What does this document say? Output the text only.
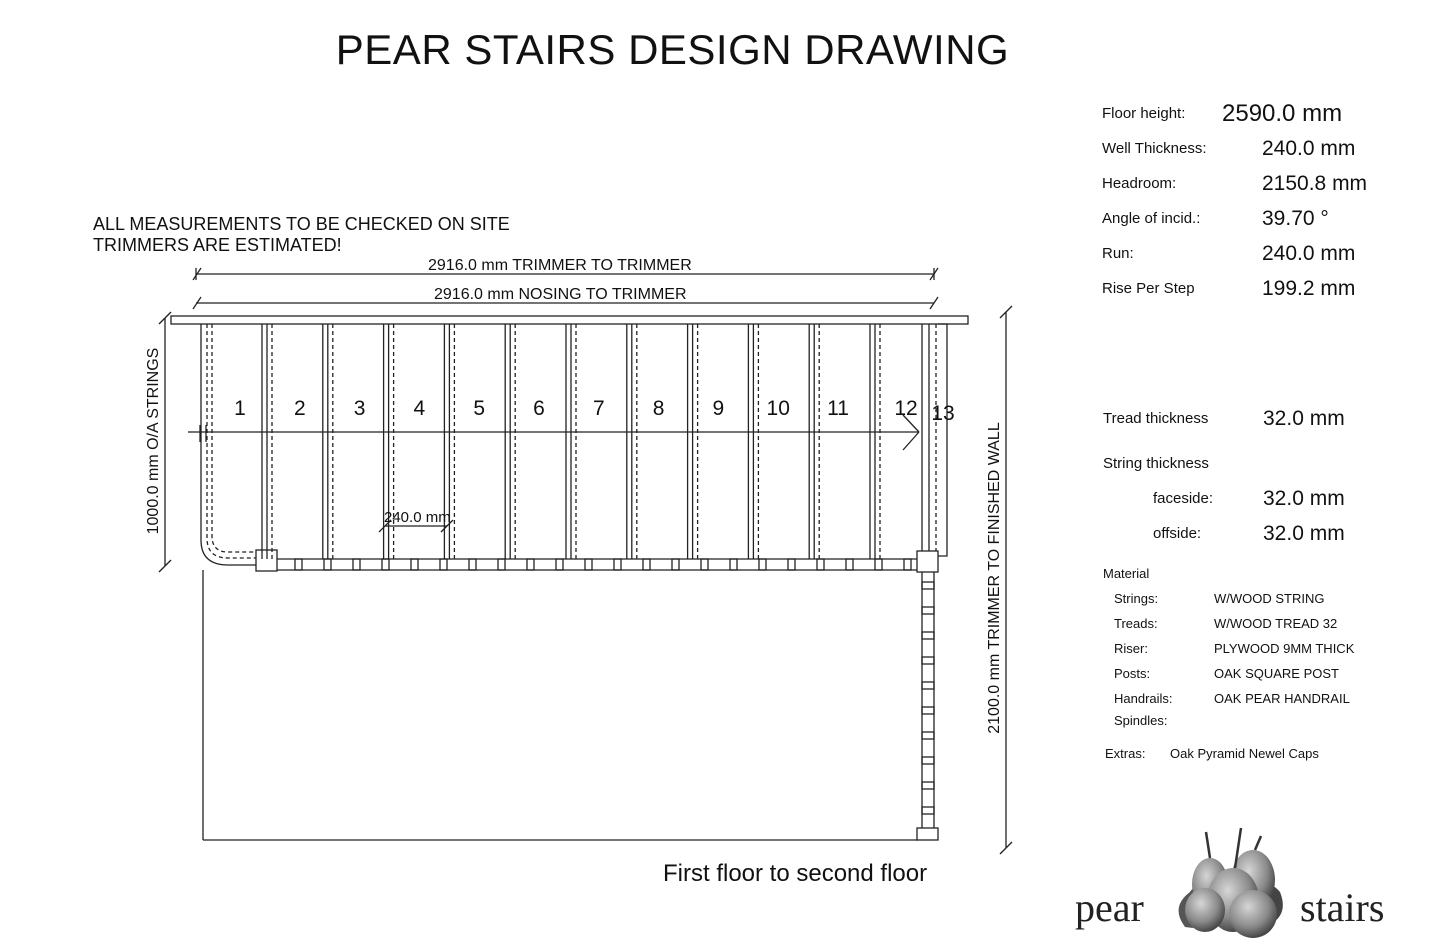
PEAR STAIRS DESIGN DRAWING
1 2 3 4 5 6 7 8 9 10 11 12 13
ALL MEASUREMENTS TO BE CHECKED ON SITE
TRIMMERS ARE ESTIMATED!
2916.0 mm TRIMMER TO TRIMMER
2916.0 mm NOSING TO TRIMMER
240.0 mm
1000.0 mm O/A STRINGS	2100.0 mm TRIMMER TO FINISHED WALL
First floor to second floor
Floor height: 2590.0 mm
Well Thickness:	240.0 mm
Headroom:	2150.8 mm
Angle of incid.:	39.70 °
Run:	240.0 mm
Rise Per Step	199.2 mm
Tread thickness	32.0 mm
String thickness
faceside: 32.0 mm
offside:	32.0 mm
Material
Strings:	W/WOOD STRING
Treads:	W/WOOD TREAD 32
Riser:	PLYWOOD 9MM THICK
Posts:	OAK SQUARE POST
Handrails:	OAK PEAR HANDRAIL
Spindles:
Extras: Oak Pyramid Newel Caps
pear	stairs
